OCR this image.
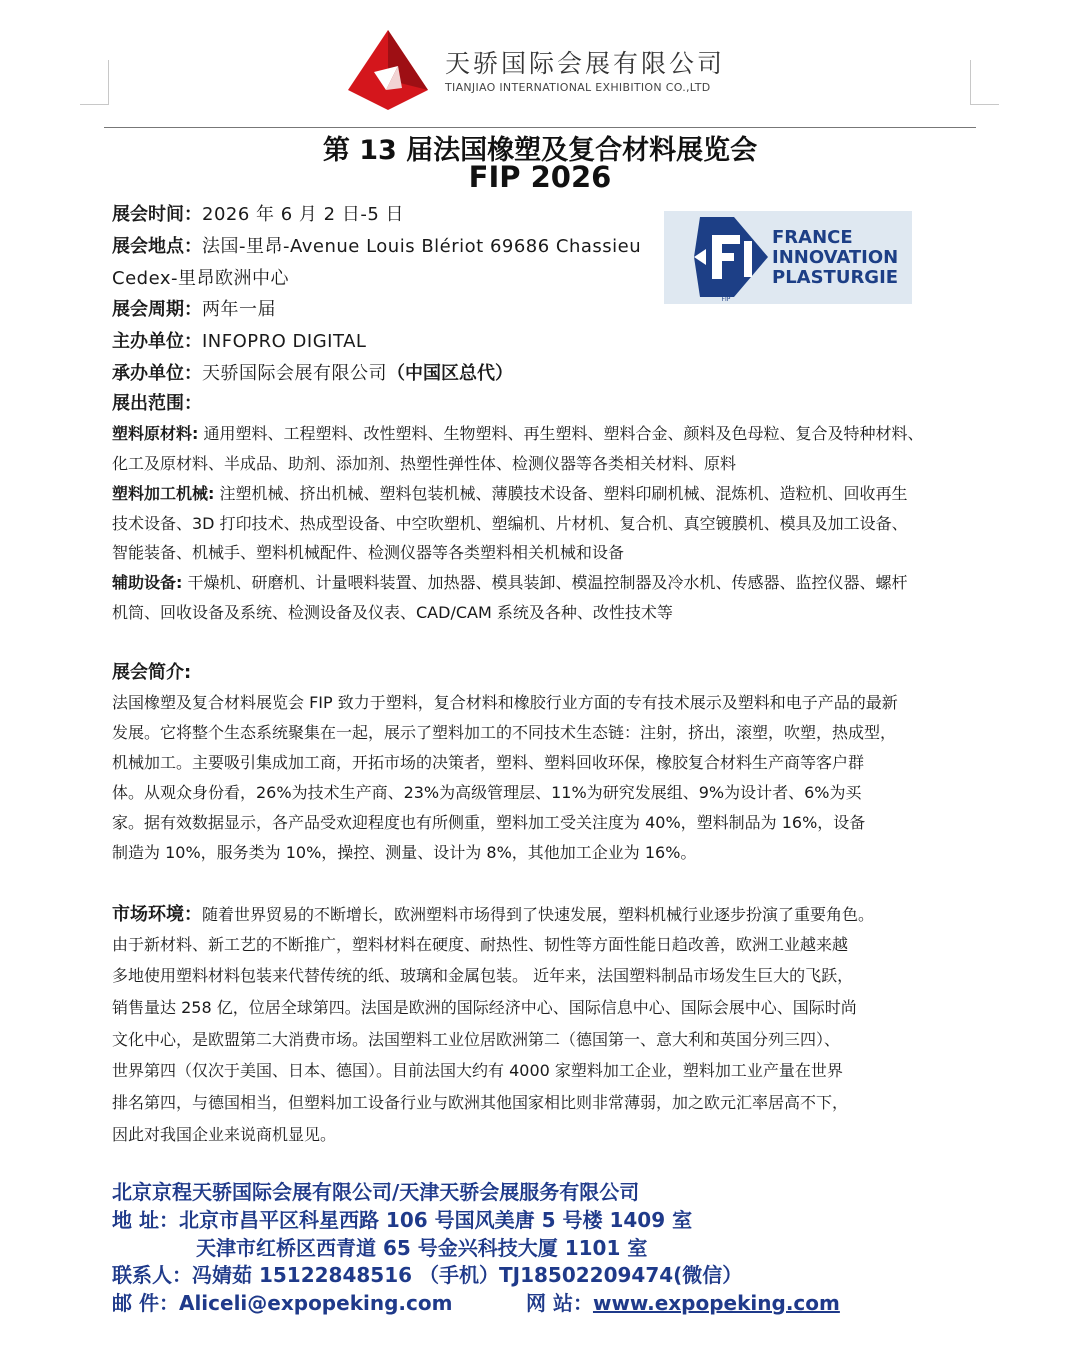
天骄国际会展有限公司
TIANJIAO INTERNATIONAL EXHIBITION CO.,LTD
第 13 届法国橡塑及复合材料展览会
FIP 2026
FIP
FRANCE
INNOVATION
PLASTURGIE
展会时间：2026 年 6 月 2 日-5 日
展会地点：法国-里昂-Avenue Louis Blériot 69686 Chassieu
Cedex-里昂欧洲中心
展会周期：两年一届
主办单位：INFOPRO DIGITAL
承办单位：天骄国际会展有限公司（中国区总代）
展出范围：
塑料原材料: 通用塑料、工程塑料、改性塑料、生物塑料、再生塑料、塑料合金、颜料及色母粒、复合及特种材料、
化工及原材料、半成品、助剂、添加剂、热塑性弹性体、检测仪器等各类相关材料、原料
塑料加工机械: 注塑机械、挤出机械、塑料包装机械、薄膜技术设备、塑料印刷机械、混炼机、造粒机、回收再生
技术设备、3D 打印技术、热成型设备、中空吹塑机、塑编机、片材机、复合机、真空镀膜机、模具及加工设备、
智能装备、机械手、塑料机械配件、检测仪器等各类塑料相关机械和设备
辅助设备: 干燥机、研磨机、计量喂料装置、加热器、模具装卸、模温控制器及冷水机、传感器、监控仪器、螺杆
机筒、回收设备及系统、检测设备及仪表、CAD/CAM 系统及各种、改性技术等
展会简介:
法国橡塑及复合材料展览会 FIP 致力于塑料，复合材料和橡胶行业方面的专有技术展示及塑料和电子产品的最新
发展。它将整个生态系统聚集在一起，展示了塑料加工的不同技术生态链：注射，挤出，滚塑，吹塑，热成型，
机械加工。主要吸引集成加工商，开拓市场的决策者，塑料、塑料回收环保，橡胶复合材料生产商等客户群
体。从观众身份看，26%为技术生产商、23%为高级管理层、11%为研究发展组、9%为设计者、6%为买
家。据有效数据显示，各产品受欢迎程度也有所侧重，塑料加工受关注度为 40%，塑料制品为 16%，设备
制造为 10%，服务类为 10%，操控、测量、设计为 8%，其他加工企业为 16%。
市场环境：随着世界贸易的不断增长，欧洲塑料市场得到了快速发展，塑料机械行业逐步扮演了重要角色。
由于新材料、新工艺的不断推广，塑料材料在硬度、耐热性、韧性等方面性能日趋改善，欧洲工业越来越
多地使用塑料材料包装来代替传统的纸、玻璃和金属包装。 近年来，法国塑料制品市场发生巨大的飞跃，
销售量达 258 亿，位居全球第四。法国是欧洲的国际经济中心、国际信息中心、国际会展中心、国际时尚
文化中心，是欧盟第二大消费市场。法国塑料工业位居欧洲第二（德国第一、意大利和英国分列三四）、
世界第四（仅次于美国、日本、德国）。目前法国大约有 4000 家塑料加工企业，塑料加工业产量在世界
排名第四，与德国相当，但塑料加工设备行业与欧洲其他国家相比则非常薄弱，加之欧元汇率居高不下，
因此对我国企业来说商机显见。
北京京程天骄国际会展有限公司/天津天骄会展服务有限公司
地 址：北京市昌平区科星西路 106 号国风美唐 5 号楼 1409 室
天津市红桥区西青道 65 号金兴科技大厦 1101 室
联系人：冯婧茹 15122848516 （手机）TJ18502209474(微信）
邮 件：Aliceli@expopeking.com	网 站：www.expopeking.com
